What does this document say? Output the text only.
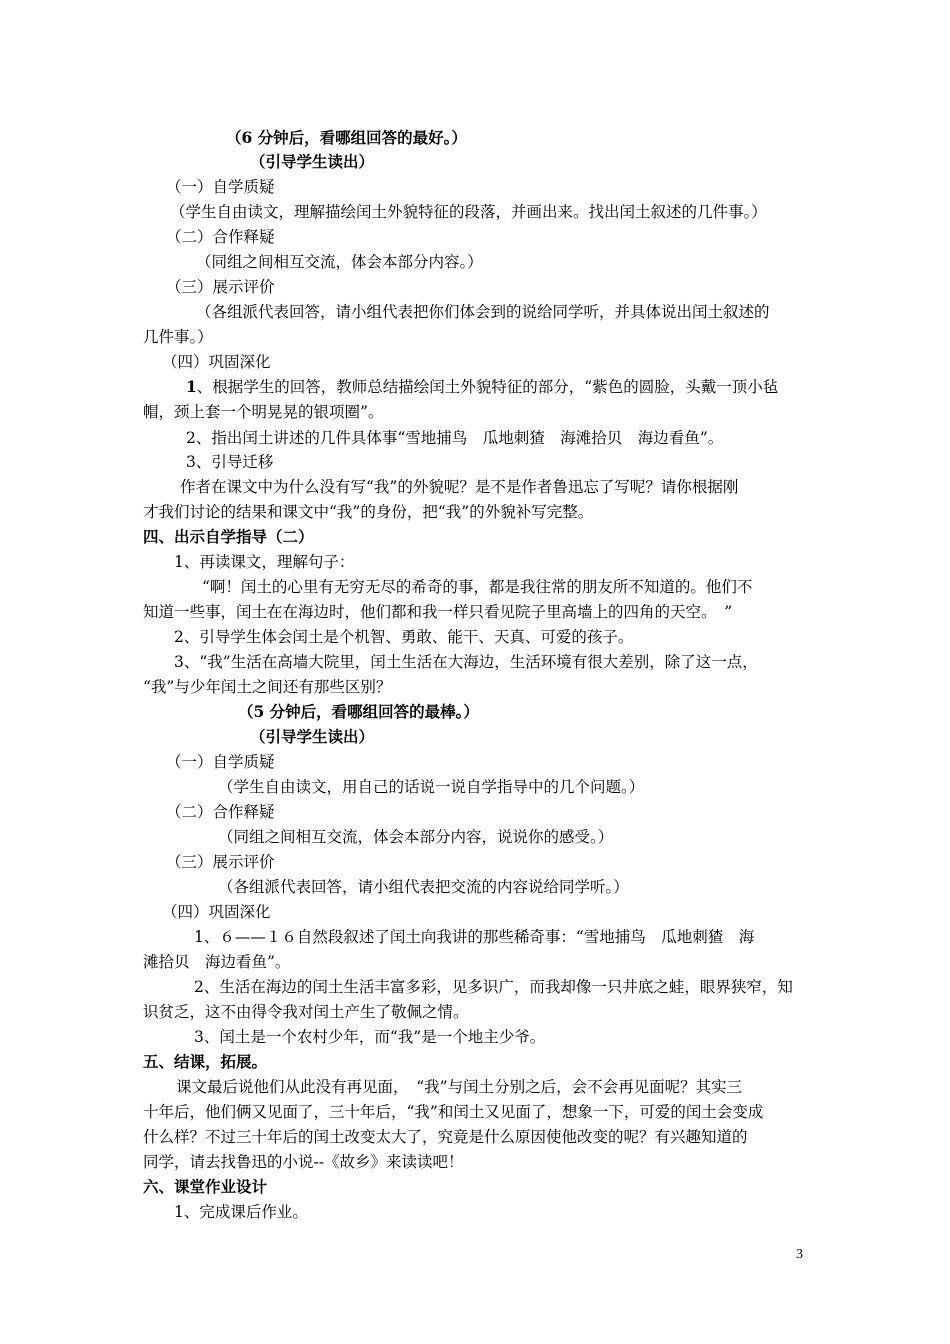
（6 分钟后，看哪组回答的最好。）
（引导学生读出）
（一）自学质疑
（学生自由读文，理解描绘闰土外貌特征的段落，并画出来。找出闰土叙述的几件事。）
（二）合作释疑
（同组之间相互交流，体会本部分内容。）
（三）展示评价
（各组派代表回答，请小组代表把你们体会到的说给同学听，并具体说出闰土叙述的
几件事。）
（四）巩固深化
1、根据学生的回答，教师总结描绘闰土外貌特征的部分，“紫色的圆脸，头戴一顶小毡
帽，颈上套一个明晃晃的银项圈”。
2、指出闰土讲述的几件具体事“雪地捕鸟　瓜地刺猹　海滩拾贝　海边看鱼”。
3、引导迁移
作者在课文中为什么没有写“我”的外貌呢？是不是作者鲁迅忘了写呢？请你根据刚
才我们讨论的结果和课文中“我”的身份，把“我”的外貌补写完整。
四、出示自学指导（二）
1、再读课文，理解句子：
“啊！闰土的心里有无穷无尽的希奇的事，都是我往常的朋友所不知道的。他们不
知道一些事，闰土在在海边时，他们都和我一样只看见院子里高墙上的四角的天空。　”
2、引导学生体会闰土是个机智、勇敢、能干、天真、可爱的孩子。
3、“我”生活在高墙大院里，闰土生活在大海边，生活环境有很大差别，除了这一点，
“我”与少年闰土之间还有那些区别？
（5 分钟后，看哪组回答的最棒。）
（引导学生读出）
（一）自学质疑
（学生自由读文，用自己的话说一说自学指导中的几个问题。）
（二）合作释疑
（同组之间相互交流，体会本部分内容，说说你的感受。）
（三）展示评价
（各组派代表回答，请小组代表把交流的内容说给同学听。）
（四）巩固深化
1、６——１６自然段叙述了闰土向我讲的那些稀奇事：“雪地捕鸟　瓜地刺猹　海
滩拾贝　海边看鱼”。
2、生活在海边的闰土生活丰富多彩，见多识广，而我却像一只井底之蛙，眼界狭窄，知
识贫乏，这不由得令我对闰土产生了敬佩之情。
3、闰土是一个农村少年，而“我”是一个地主少爷。
五、结课，拓展。
课文最后说他们从此没有再见面，　“我”与闰土分别之后，会不会再见面呢？其实三
十年后，他们俩又见面了，三十年后，“我”和闰土又见面了，想象一下，可爱的闰土会变成
什么样？不过三十年后的闰土改变太大了，究竟是什么原因使他改变的呢？有兴趣知道的
同学，请去找鲁迅的小说--《故乡》来读读吧！
六、课堂作业设计
1、完成课后作业。
3
